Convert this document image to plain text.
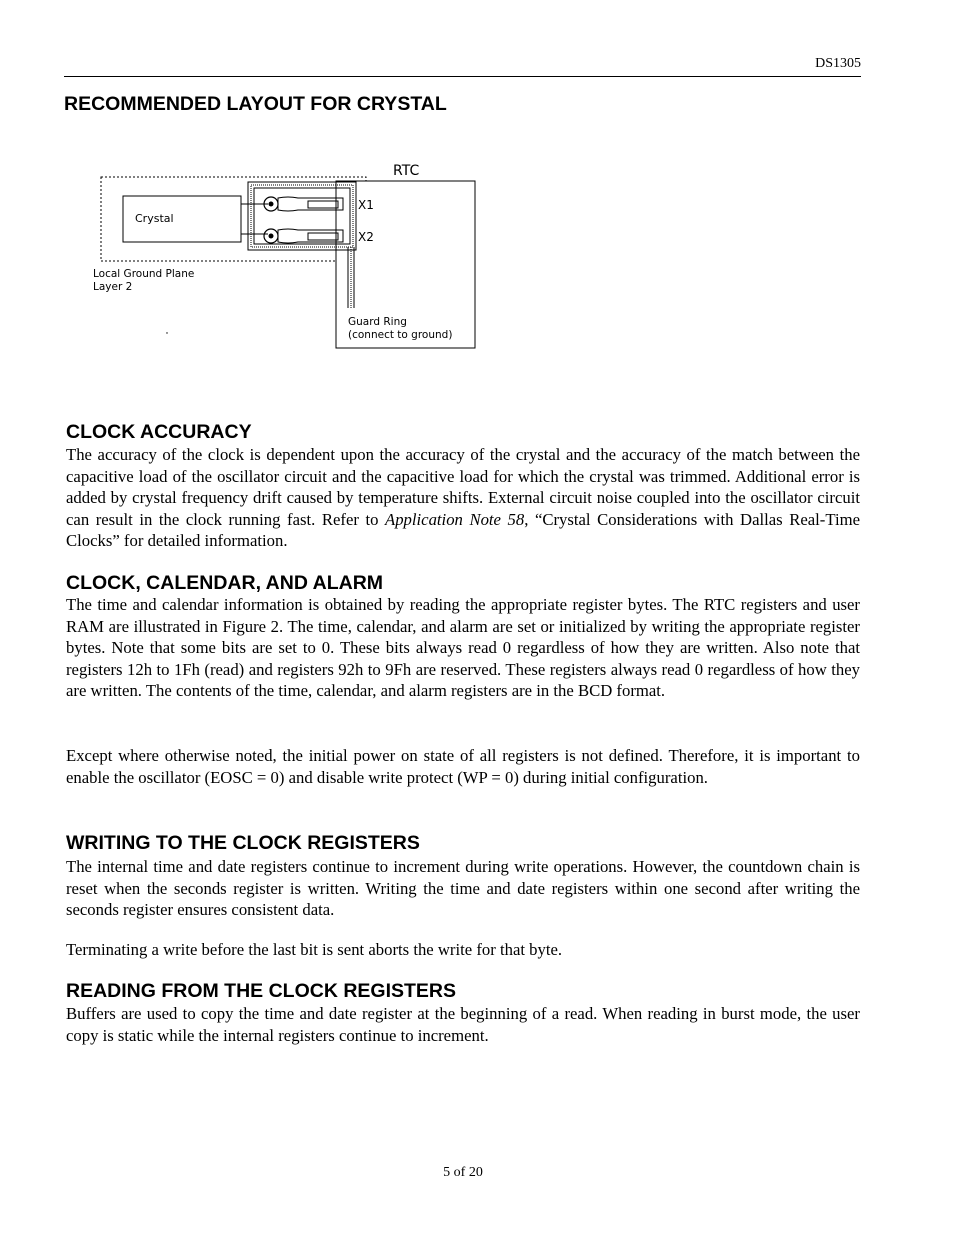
DS1305
RECOMMENDED LAYOUT FOR CRYSTAL
RTC
Crystal
X1
X2
Local Ground Plane
Layer 2
Guard Ring
(connect to ground)
CLOCK ACCURACY

The accuracy of the clock is dependent upon the accuracy of the crystal and the accuracy of the match between the capacitive load of the oscillator circuit and the capacitive load for which the crystal was trimmed. Additional error is added by crystal frequency drift caused by temperature shifts. External circuit noise coupled into the oscillator circuit can result in the clock running fast. Refer to Application Note 58, “Crystal Considerations with Dallas Real-Time Clocks” for detailed information.

CLOCK, CALENDAR, AND ALARM

The time and calendar information is obtained by reading the appropriate register bytes. The RTC registers and user RAM are illustrated in Figure 2. The time, calendar, and alarm are set or initialized by writing the appropriate register bytes. Note that some bits are set to 0. These bits always read 0 regardless of how they are written. Also note that registers 12h to 1Fh (read) and registers 92h to 9Fh are reserved. These registers always read 0 regardless of how they are written. The contents of the time, calendar, and alarm registers are in the BCD format.

Except where otherwise noted, the initial power on state of all registers is not defined. Therefore, it is important to enable the oscillator (EOSC = 0) and disable write protect (WP = 0) during initial configuration.

WRITING TO THE CLOCK REGISTERS

The internal time and date registers continue to increment during write operations. However, the countdown chain is reset when the seconds register is written. Writing the time and date registers within one second after writing the seconds register ensures consistent data.

Terminating a write before the last bit is sent aborts the write for that byte.

READING FROM THE CLOCK REGISTERS

Buffers are used to copy the time and date register at the beginning of a read. When reading in burst mode, the user copy is static while the internal registers continue to increment.

5 of 20
